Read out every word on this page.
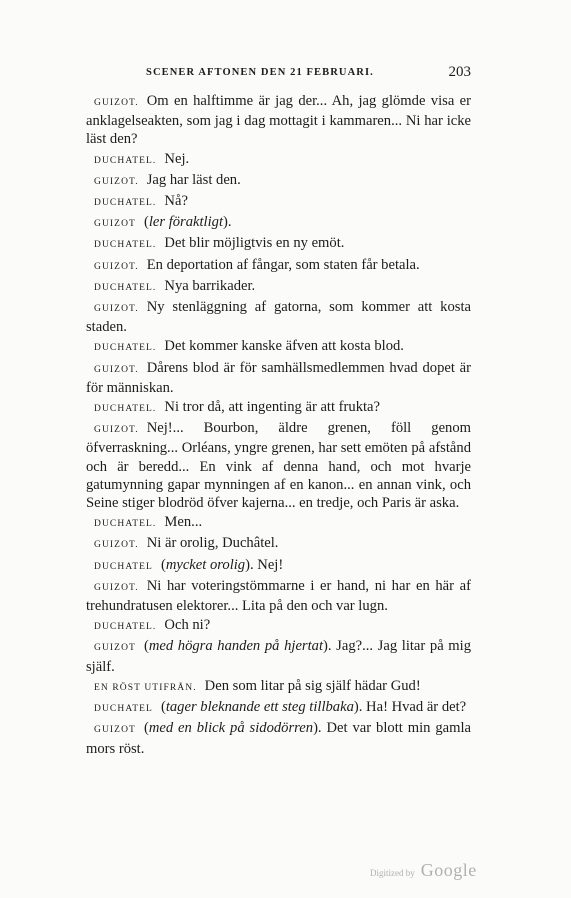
SCENER AFTONEN DEN 21 FEBRUARI.	203

GUIZOT. Om en halftimme är jag der... Ah, jag glömde visa er anklagelseakten, som jag i dag mottagit i kammaren... Ni har icke läst den?

DUCHATEL. Nej.

GUIZOT. Jag har läst den.

DUCHATEL. Nå?

GUIZOT (ler föraktligt).

DUCHATEL. Det blir möjligtvis en ny emöt.

GUIZOT. En deportation af fångar, som staten får betala.

DUCHATEL. Nya barrikader.

GUIZOT. Ny stenläggning af gatorna, som kommer att kosta staden.

DUCHATEL. Det kommer kanske äfven att kosta blod.

GUIZOT. Dårens blod är för samhällsmedlemmen hvad dopet är för människan.

DUCHATEL. Ni tror då, att ingenting är att frukta?

GUIZOT. Nej!... Bourbon, äldre grenen, föll genom öfverraskning... Orléans, yngre grenen, har sett emöten på afstånd och är beredd... En vink af denna hand, och mot hvarje gatumynning gapar mynningen af en kanon... en annan vink, och Seine stiger blodröd öfver kajerna... en tredje, och Paris är aska.

DUCHATEL. Men...

GUIZOT. Ni är orolig, Duchâtel.

DUCHATEL (mycket orolig). Nej!

GUIZOT. Ni har voteringstömmarne i er hand, ni har en här af trehundratusen elektorer... Lita på den och var lugn.

DUCHATEL. Och ni?

GUIZOT (med högra handen på hjertat). Jag?... Jag litar på mig själf.

EN RÖST UTIFRÅN. Den som litar på sig själf hädar Gud!

DUCHATEL (tager bleknande ett steg tillbaka). Ha! Hvad är det?

GUIZOT (med en blick på sidodörren). Det var blott min gamla mors röst.

Digitized by Google
